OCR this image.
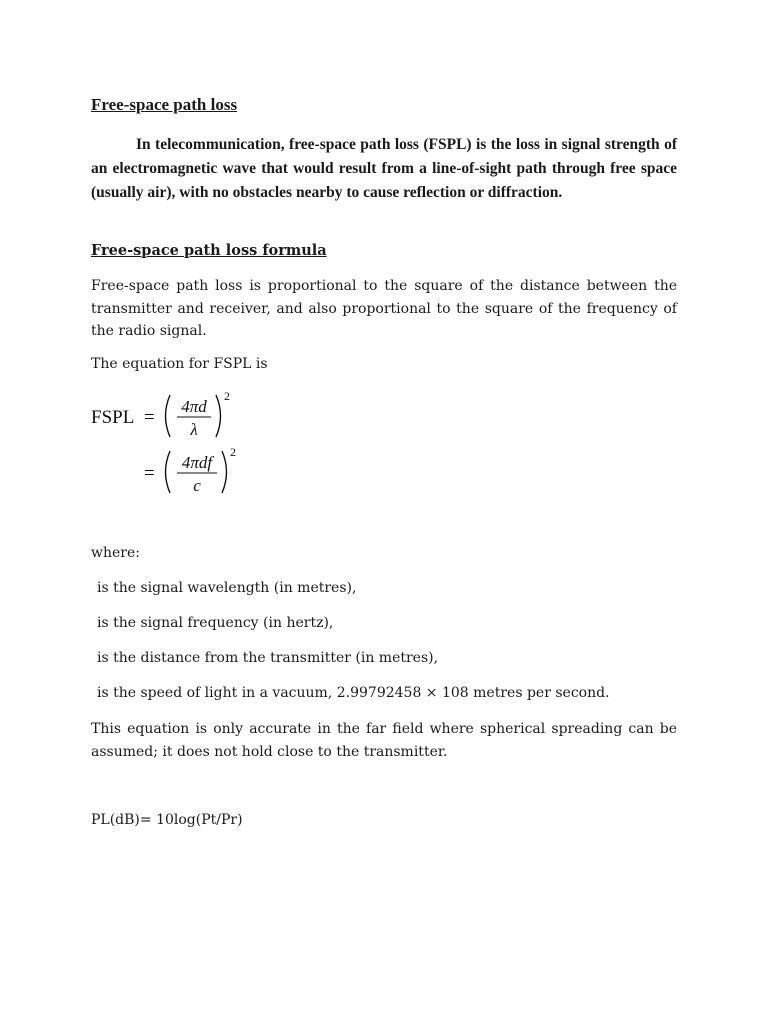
Free-space path loss

In telecommunication, free-space path loss (FSPL) is the loss in signal strength of an electromagnetic wave that would result from a line-of-sight path through free space (usually air), with no obstacles nearby to cause reflection or diffraction.

Free-space path loss formula

Free-space path loss is proportional to the square of the distance between the transmitter and receiver, and also proportional to the square of the frequency of the radio signal.

The equation for FSPL is

FSPL =
4πd
λ
2
=
4πdf
c
2

where:

is the signal wavelength (in metres),
is the signal frequency (in hertz),
is the distance from the transmitter (in metres),
is the speed of light in a vacuum, 2.99792458 × 108 metres per second.

This equation is only accurate in the far field where spherical spreading can be assumed; it does not hold close to the transmitter.

PL(dB)= 10log(Pt/Pr)
